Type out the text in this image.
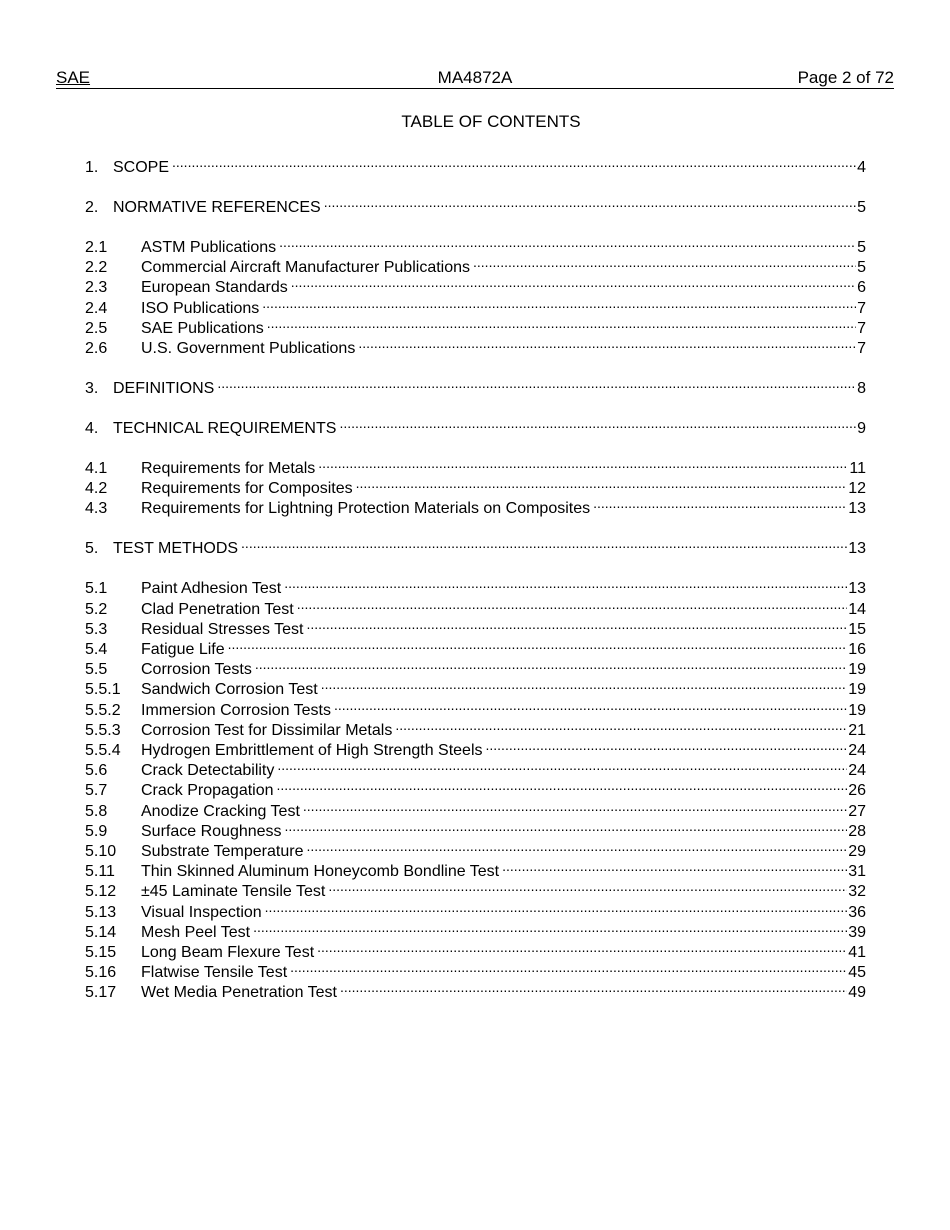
SAE	MA4872A	Page 2 of 72
TABLE OF CONTENTS
1. SCOPE .....	4
2. NORMATIVE REFERENCES .....	5
2.1	ASTM Publications .....	5
2.2	Commercial Aircraft Manufacturer Publications .....	5
2.3	European Standards .....	6
2.4	ISO Publications .....	7
2.5	SAE Publications .....	7
2.6	U.S. Government Publications .....	7
3. DEFINITIONS .....	8
4. TECHNICAL REQUIREMENTS .....	9
4.1	Requirements for Metals .....	11
4.2	Requirements for Composites .....	12
4.3	Requirements for Lightning Protection Materials on Composites .....	13
5. TEST METHODS .....	13
5.1	Paint Adhesion Test .....	13
5.2	Clad Penetration Test .....	14
5.3	Residual Stresses Test .....	15
5.4	Fatigue Life .....	16
5.5	Corrosion Tests .....	19
5.5.1	Sandwich Corrosion Test .....	19
5.5.2	Immersion Corrosion Tests .....	19
5.5.3	Corrosion Test for Dissimilar Metals .....	21
5.5.4	Hydrogen Embrittlement of High Strength Steels .....	24
5.6	Crack Detectability .....	24
5.7	Crack Propagation .....	26
5.8	Anodize Cracking Test .....	27
5.9	Surface Roughness .....	28
5.10	Substrate Temperature .....	29
5.11	Thin Skinned Aluminum Honeycomb Bondline Test .....	31
5.12	±45 Laminate Tensile Test .....	32
5.13	Visual Inspection .....	36
5.14	Mesh Peel Test .....	39
5.15	Long Beam Flexure Test .....	41
5.16	Flatwise Tensile Test .....	45
5.17	Wet Media Penetration Test .....	49
